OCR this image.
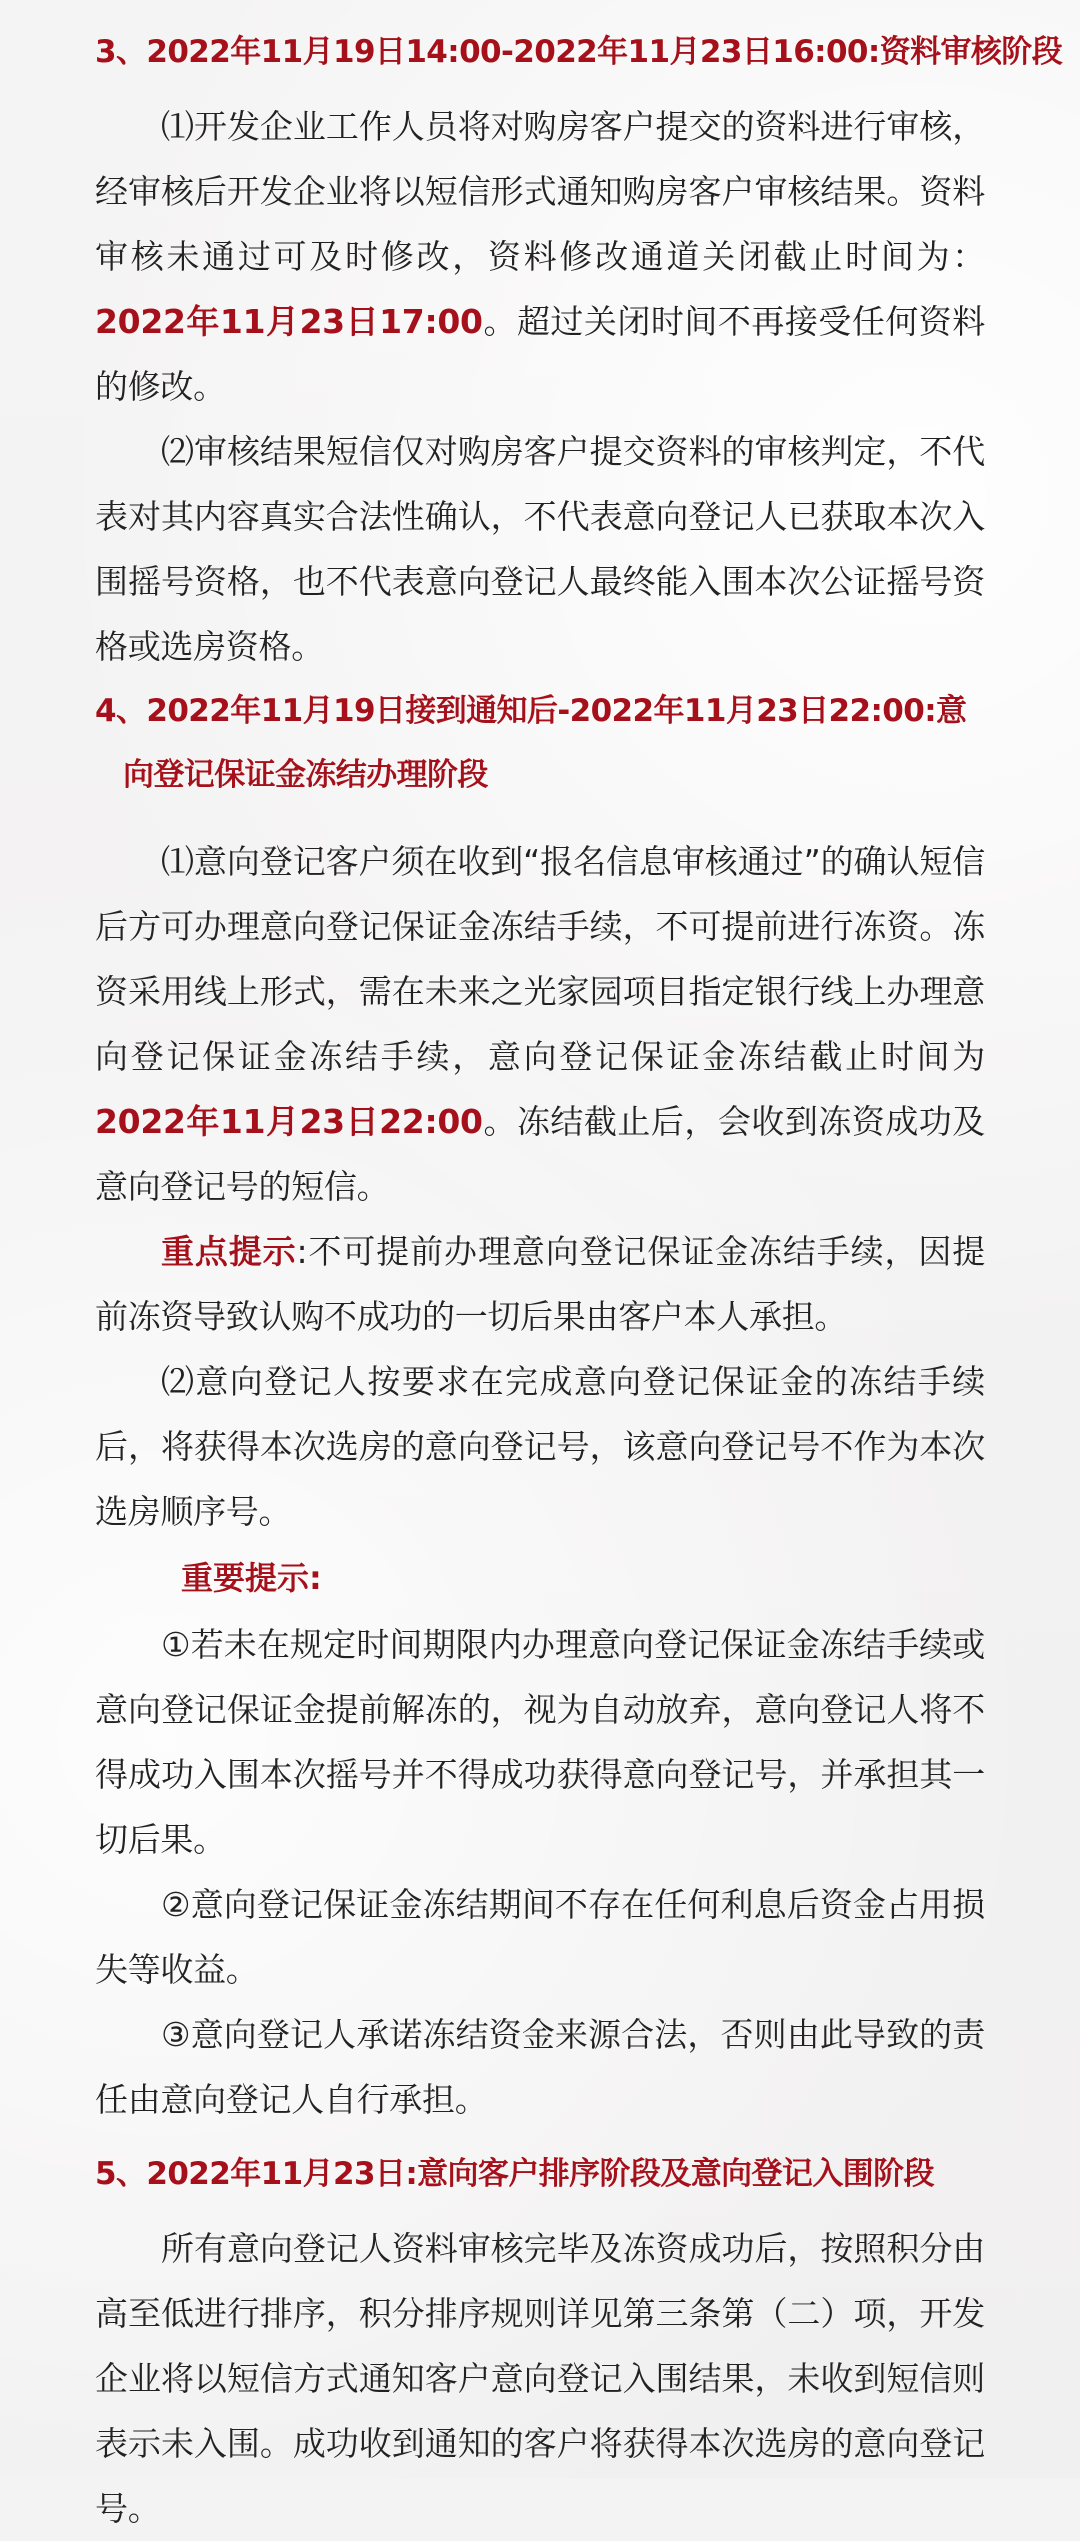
3、2022年11月19日14:00-2022年11月23日16:00:资料审核阶段

⑴开发企业工作人员将对购房客户提交的资料进行审核，经审核后开发企业将以短信形式通知购房客户审核结果。资料审核未通过可及时修改，资料修改通道关闭截止时间为：2022年11月23日17:00。超过关闭时间不再接受任何资料的修改。

⑵审核结果短信仅对购房客户提交资料的审核判定，不代表对其内容真实合法性确认，不代表意向登记人已获取本次入围摇号资格，也不代表意向登记人最终能入围本次公证摇号资格或选房资格。

4、2022年11月19日接到通知后-2022年11月23日22:00:意
向登记保证金冻结办理阶段

⑴意向登记客户须在收到“报名信息审核通过”的确认短信后方可办理意向登记保证金冻结手续，不可提前进行冻资。冻资采用线上形式，需在未来之光家园项目指定银行线上办理意向登记保证金冻结手续，意向登记保证金冻结截止时间为2022年11月23日22:00。冻结截止后，会收到冻资成功及意向登记号的短信。

重点提示:不可提前办理意向登记保证金冻结手续，因提前冻资导致认购不成功的一切后果由客户本人承担。

⑵意向登记人按要求在完成意向登记保证金的冻结手续后，将获得本次选房的意向登记号，该意向登记号不作为本次选房顺序号。

重要提示:

①若未在规定时间期限内办理意向登记保证金冻结手续或意向登记保证金提前解冻的，视为自动放弃，意向登记人将不得成功入围本次摇号并不得成功获得意向登记号，并承担其一切后果。

②意向登记保证金冻结期间不存在任何利息后资金占用损失等收益。

③意向登记人承诺冻结资金来源合法，否则由此导致的责任由意向登记人自行承担。

5、2022年11月23日:意向客户排序阶段及意向登记入围阶段

所有意向登记人资料审核完毕及冻资成功后，按照积分由高至低进行排序，积分排序规则详见第三条第（二）项，开发企业将以短信方式通知客户意向登记入围结果，未收到短信则表示未入围。成功收到通知的客户将获得本次选房的意向登记号。
